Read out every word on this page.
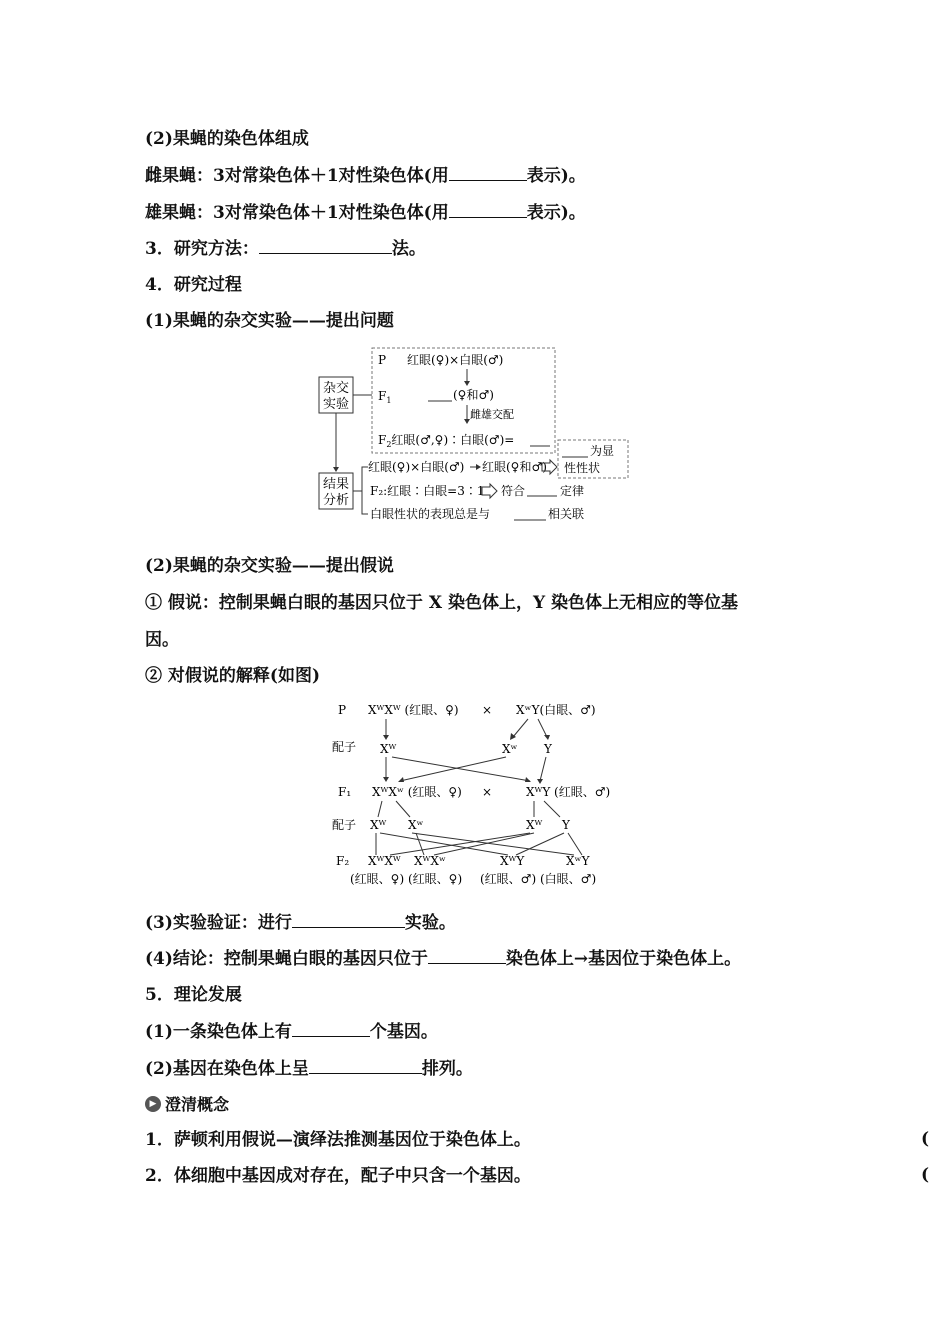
(2)果蝇的染色体组成
雌果蝇：3对常染色体＋1对性染色体(用	表示)。
雄果蝇：3对常染色体＋1对性染色体(用	表示)。
3．研究方法：	法。
4．研究过程
(1)果蝇的杂交实验——提出问题
杂交
实验
P 红眼(♀)×白眼(♂)
$F_1$	(♀和♂)
雌雄交配
$F_2$红眼(♂,♀)∶白眼(♂)=
为显
性性状
结果
分析
红眼(♀)×白眼(♂) 红眼(♀和♂)
F₂:红眼∶白眼=3∶1 符合	定律
白眼性状的表现总是与	相关联
(2)果蝇的杂交实验——提出假说
① 假说：控制果蝇白眼的基因只位于 X 染色体上，Y 染色体上无相应的等位基
因。
② 对假说的解释(如图)
P XᵂXᵂ (红眼、♀) × XʷY(白眼、♂)
配子 Xᵂ	Xʷ Y
F₁ XᵂXʷ (红眼、♀) ×	XᵂY (红眼、♂)
配子 Xᵂ Xʷ	Xᵂ Y
F₂ XᵂXᵂ XᵂXʷ	XᵂY	XʷY
(红眼、♀) (红眼、♀) (红眼、♂) (白眼、♂)
(3)实验验证：进行	实验。
(4)结论：控制果蝇白眼的基因只位于	染色体上→基因位于染色体上。
5．理论发展
(1)一条染色体上有	个基因。
(2)基因在染色体上呈	排列。
▶ 澄清概念
1．萨顿利用假说—演绎法推测基因位于染色体上。	(
2．体细胞中基因成对存在，配子中只含一个基因。	(
